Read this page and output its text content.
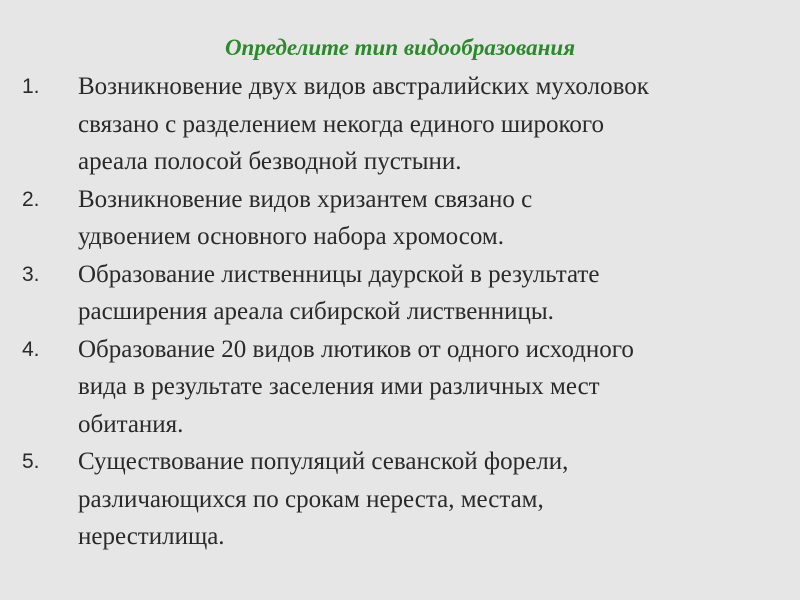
Определите тип видообразования
1. Возникновение двух видов австралийских мухоловок
связано с разделением некогда единого широкого
ареала полосой безводной пустыни.
2. Возникновение видов хризантем связано с
удвоением основного набора хромосом.
3. Образование лиственницы даурской в результате
расширения ареала сибирской лиственницы.
4. Образование 20 видов лютиков от одного исходного
вида в результате заселения ими различных мест
обитания.
5. Существование популяций севанской форели,
различающихся по срокам нереста, местам,
нерестилища.
